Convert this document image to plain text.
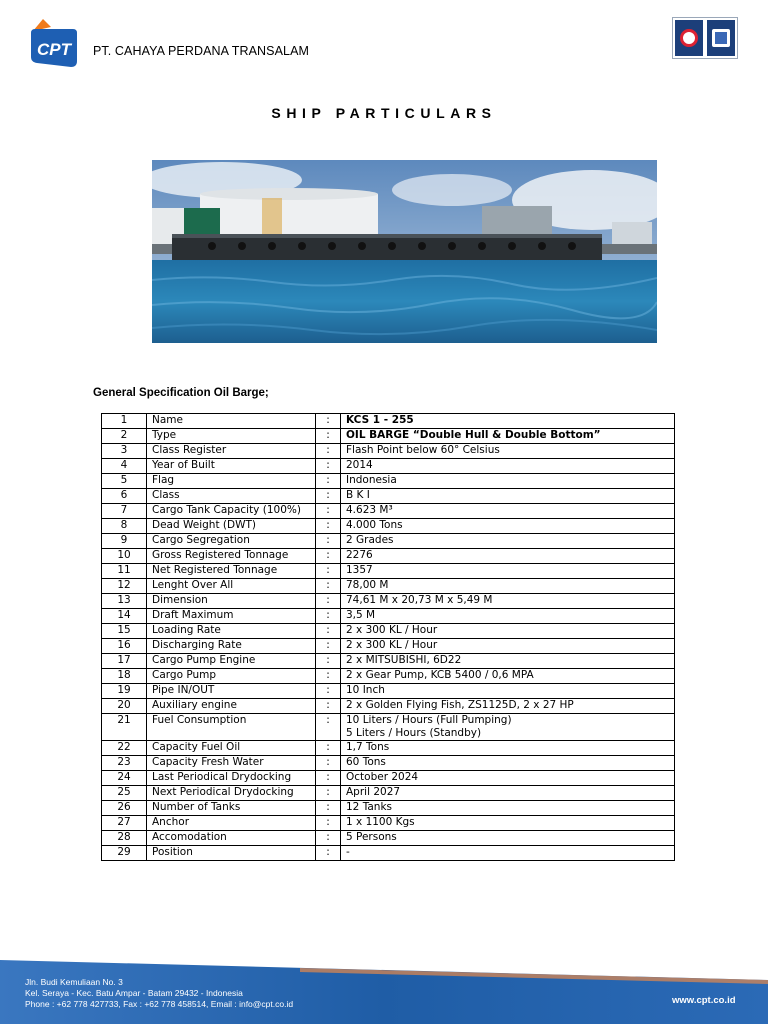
CPT PT. CAHAYA PERDANA TRANSALAM
SHIP PARTICULARS
General Specification Oil Barge;
1	Name	:	KCS 1 - 255

2	Type	:	OIL BARGE “Double Hull & Double Bottom”

3	Class Register	:	Flash Point below 60° Celsius

4	Year of Built	:	2014

5	Flag	:	Indonesia

6	Class	:	B K I

7	Cargo Tank Capacity (100%)	:	4.623 M³

8	Dead Weight (DWT)	:	4.000 Tons

9	Cargo Segregation	:	2 Grades

10	Gross Registered Tonnage	:	2276

11	Net Registered Tonnage	:	1357

12	Lenght Over All	:	78,00 M

13	Dimension	:	74,61 M x 20,73 M x 5,49 M

14	Draft Maximum	:	3,5 M

15	Loading Rate	:	2 x 300 KL / Hour

16	Discharging Rate	:	2 x 300 KL / Hour

17	Cargo Pump Engine	:	2 x MITSUBISHI, 6D22

18	Cargo Pump	:	2 x Gear Pump, KCB 5400 / 0,6 MPA

19	Pipe IN/OUT	:	10 Inch

20	Auxiliary engine	:	2 x Golden Flying Fish, ZS1125D, 2 x 27 HP

21	Fuel Consumption	:	10 Liters / Hours (Full Pumping)
5 Liters / Hours (Standby)

22	Capacity Fuel Oil	:	1,7 Tons

23	Capacity Fresh Water	:	60 Tons

24	Last Periodical Drydocking	:	October 2024

25	Next Periodical Drydocking	:	April 2027

26	Number of Tanks	:	12 Tanks

27	Anchor	:	1 x 1100 Kgs

28	Accomodation	:	5 Persons

29	Position	:	-
Jln. Budi Kemuliaan No. 3
Kel. Seraya - Kec. Batu Ampar - Batam 29432 - Indonesia
Phone : +62 778 427733, Fax : +62 778 458514, Email : info@cpt.co.id	www.cpt.co.id
